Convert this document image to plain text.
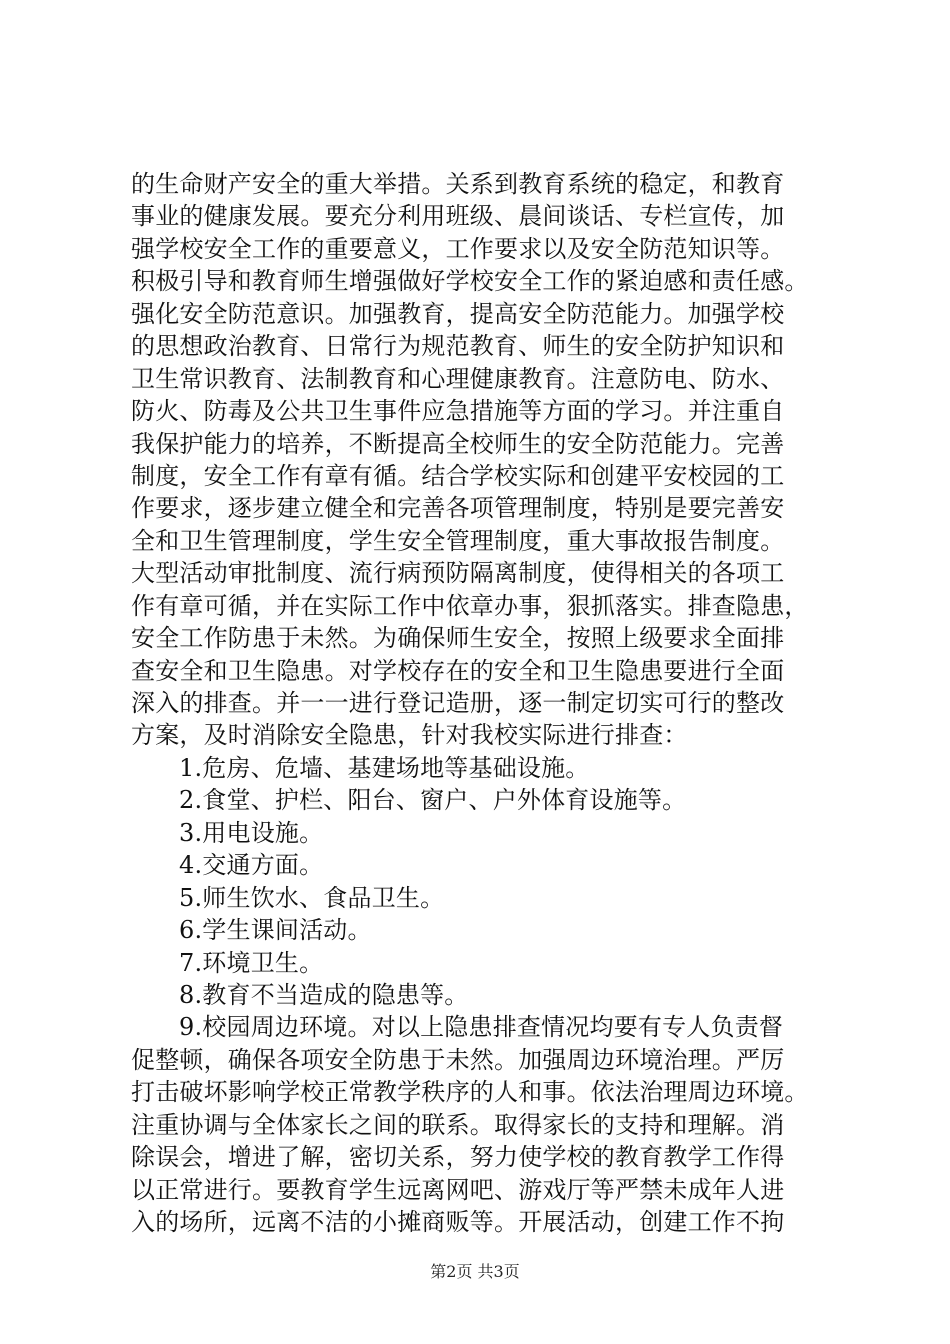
的生命财产安全的重大举措。关系到教育系统的稳定，和教育
事业的健康发展。要充分利用班级、晨间谈话、专栏宣传，加
强学校安全工作的重要意义，工作要求以及安全防范知识等。
积极引导和教育师生增强做好学校安全工作的紧迫感和责任感。
强化安全防范意识。加强教育，提高安全防范能力。加强学校
的思想政治教育、日常行为规范教育、师生的安全防护知识和
卫生常识教育、法制教育和心理健康教育。注意防电、防水、
防火、防毒及公共卫生事件应急措施等方面的学习。并注重自
我保护能力的培养，不断提高全校师生的安全防范能力。完善
制度，安全工作有章有循。结合学校实际和创建平安校园的工
作要求，逐步建立健全和完善各项管理制度，特别是要完善安
全和卫生管理制度，学生安全管理制度，重大事故报告制度。
大型活动审批制度、流行病预防隔离制度，使得相关的各项工
作有章可循，并在实际工作中依章办事，狠抓落实。排查隐患，
安全工作防患于未然。为确保师生安全，按照上级要求全面排
查安全和卫生隐患。对学校存在的安全和卫生隐患要进行全面
深入的排查。并一一进行登记造册，逐一制定切实可行的整改
方案，及时消除安全隐患，针对我校实际进行排查：
1.危房、危墙、基建场地等基础设施。
2.食堂、护栏、阳台、窗户、户外体育设施等。
3.用电设施。
4.交通方面。
5.师生饮水、食品卫生。
6.学生课间活动。
7.环境卫生。
8.教育不当造成的隐患等。
9.校园周边环境。对以上隐患排查情况均要有专人负责督
促整顿，确保各项安全防患于未然。加强周边环境治理。严厉
打击破坏影响学校正常教学秩序的人和事。依法治理周边环境。
注重协调与全体家长之间的联系。取得家长的支持和理解。消
除误会，增进了解，密切关系，努力使学校的教育教学工作得
以正常进行。要教育学生远离网吧、游戏厅等严禁未成年人进
入的场所，远离不洁的小摊商贩等。开展活动，创建工作不拘
第2页 共3页
